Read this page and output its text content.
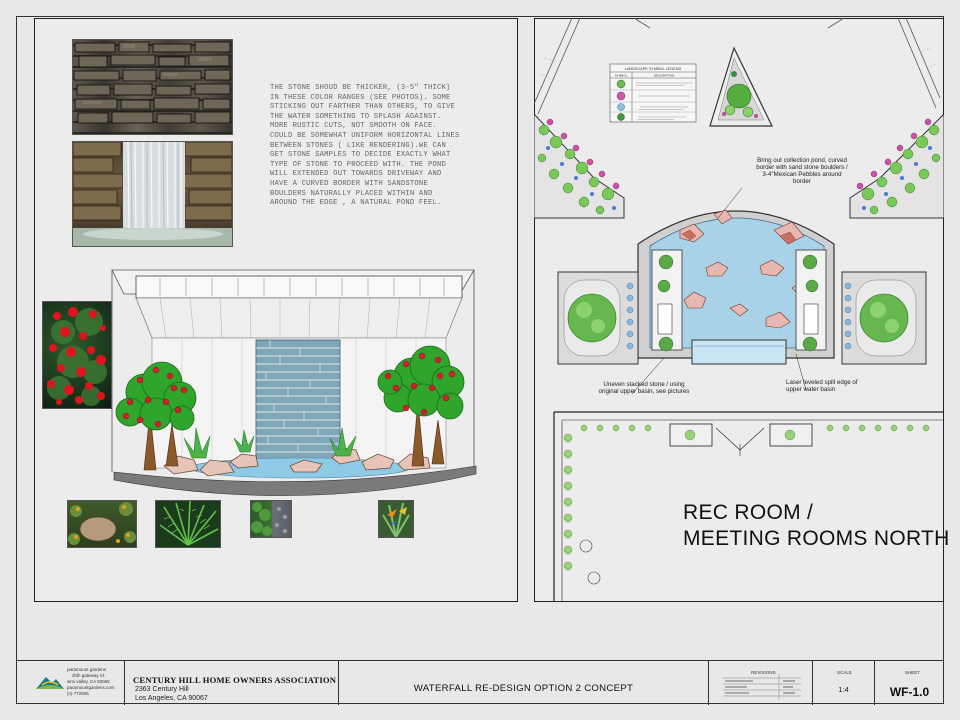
THE STONE SHOUD BE THICKER, (3-5" THICK) IN THESE COLOR RANGES (SEE PHOTOS). SOME STICKING OUT FARTHER THAN OTHERS, TO GIVE THE WATER SOMETHING TO SPLASH AGAINST. MORE RUSTIC CUTS, NOT SMOOTH ON FACE. COULD BE SOMEWHAT UNIFORM HORIZONTAL LINES BETWEEN STONES ( LIKE RENDERING).WE CAN GET STONE SAMPLES TO DECIDE EXACTLY WHAT TYPE OF STONE TO PROCEED WITH. THE POND WILL EXTENDED OUT TOWARDS DRIVEWAY AND HAVE A CURVED BORDER WITH SANDSTONE BOULDERS NATURALLY PLACED WITHIN AND AROUND THE EDGE , A NATURAL POND FEEL.
LANDSCAPE SYMBOL LEGEND
SYMBOL	DESCRIPTION
Bring out collection pond, curved border with sand stone boulders / 3-4"Mexican Pebbles around border
Uneven stacked stone / using original upper basin, see pictures
Laser leveled spill edge of upper water basin
REC ROOM /
MEETING ROOMS NORTH
paramount gardens
2hlh gateway rd.
simi valley, CA 93065
paramountgardens.com
(n) 772505
CENTURY HILL HOME OWNERS ASSOCIATION
2363 Century Hill
Los Angeles, CA 90067
WATERFALL RE-DESIGN OPTION 2 CONCEPT
REVISIONS	SCALE
1:4
SHEET
WF-1.0
